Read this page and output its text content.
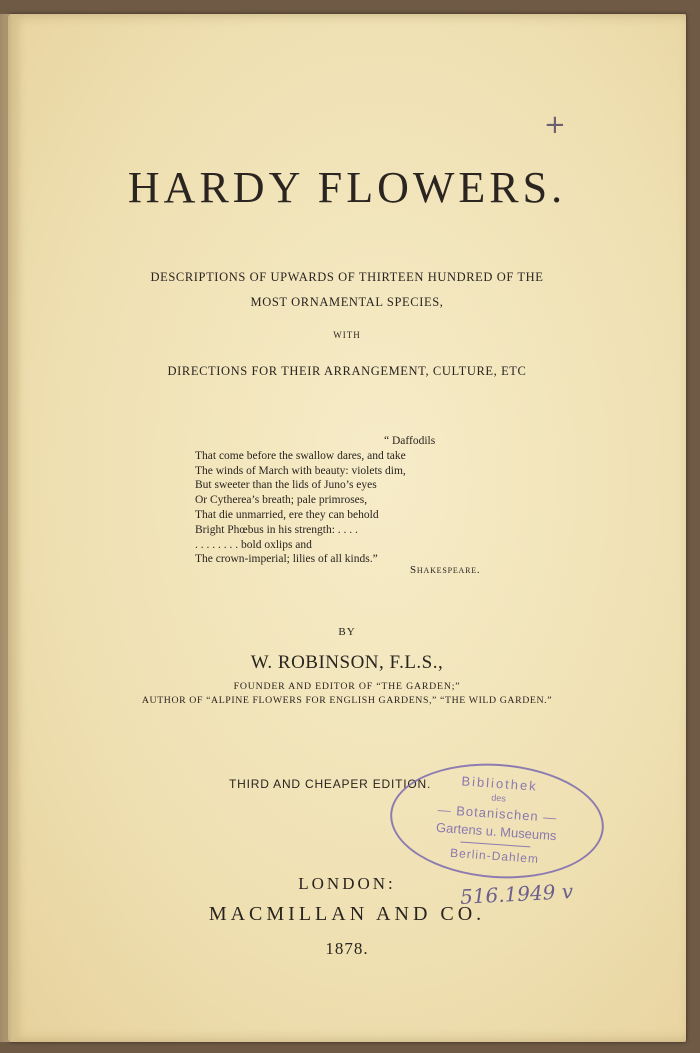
+
HARDY FLOWERS.
DESCRIPTIONS OF UPWARDS OF THIRTEEN HUNDRED OF THE
MOST ORNAMENTAL SPECIES,
WITH
DIRECTIONS FOR THEIR ARRANGEMENT, CULTURE, ETC
“ Daffodils
That come before the swallow dares, and take
The winds of March with beauty: violets dim,
But sweeter than the lids of Juno’s eyes
Or Cytherea’s breath; pale primroses,
That die unmarried, ere they can behold
Bright Phœbus in his strength: . . . .
. . . . . . . . bold oxlips and
The crown-imperial; lilies of all kinds.”
Shakespeare.
BY
W. ROBINSON, F.L.S.,
FOUNDER AND EDITOR OF “THE GARDEN;”
AUTHOR OF “ALPINE FLOWERS FOR ENGLISH GARDENS,” “THE WILD GARDEN.”
THIRD AND CHEAPER EDITION.	Bibliothek
des
— Botanischen —
Gartens u. Museums
Berlin-Dahlem
LONDON:
MACMILLAN AND CO.
1878.
516.1949 v
